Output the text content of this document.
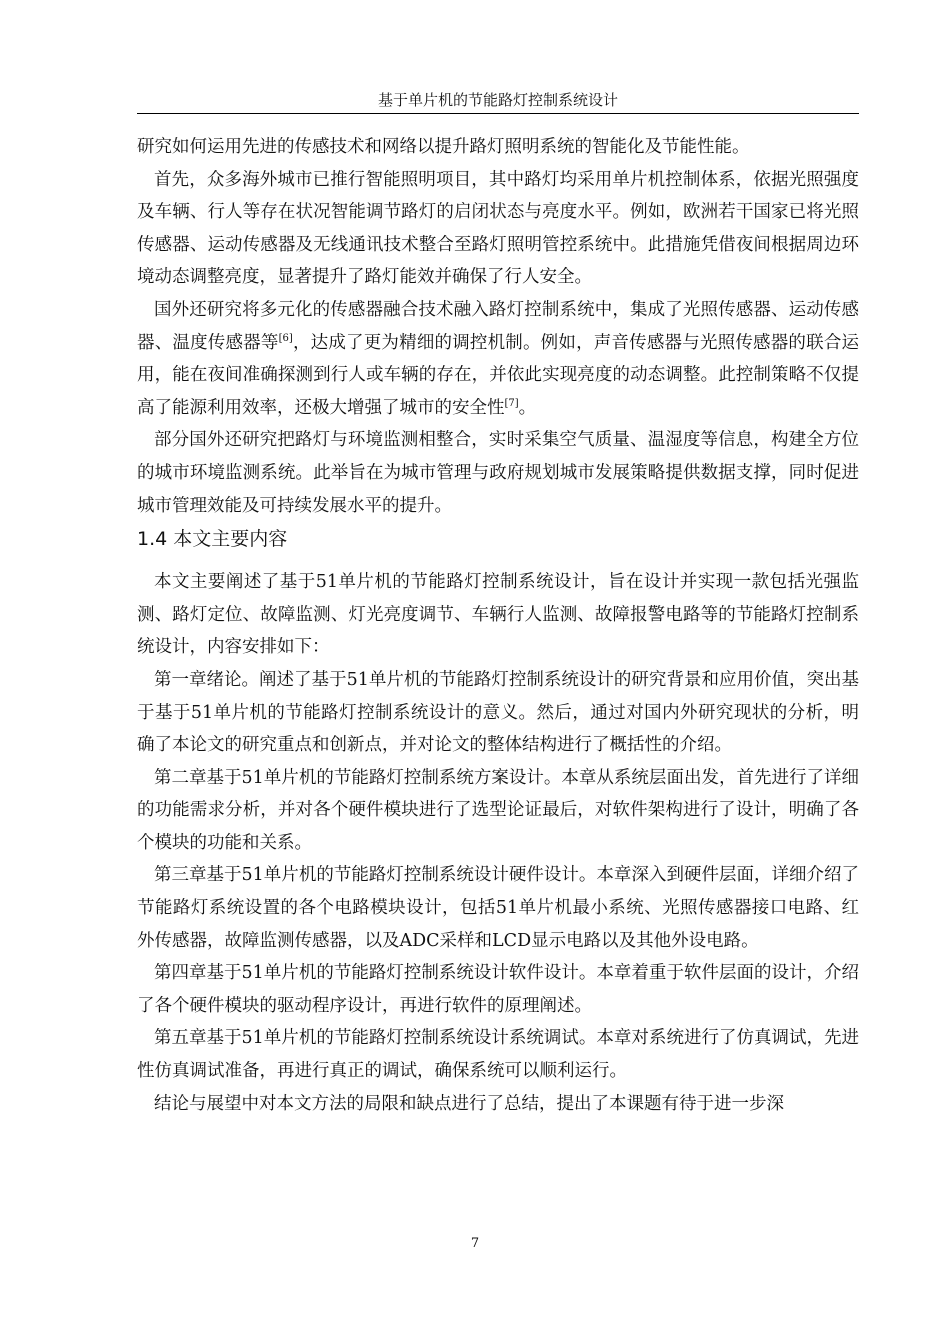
基于单片机的节能路灯控制系统设计

研究如何运用先进的传感技术和网络以提升路灯照明系统的智能化及节能性能。

首先，众多海外城市已推行智能照明项目，其中路灯均采用单片机控制体系，依据光照强度及车辆、行人等存在状况智能调节路灯的启闭状态与亮度水平。例如，欧洲若干国家已将光照传感器、运动传感器及无线通讯技术整合至路灯照明管控系统中。此措施凭借夜间根据周边环境动态调整亮度，显著提升了路灯能效并确保了行人安全。

国外还研究将多元化的传感器融合技术融入路灯控制系统中，集成了光照传感器、运动传感器、温度传感器等[6]，达成了更为精细的调控机制。例如，声音传感器与光照传感器的联合运用，能在夜间准确探测到行人或车辆的存在，并依此实现亮度的动态调整。此控制策略不仅提高了能源利用效率，还极大增强了城市的安全性[7]。

部分国外还研究把路灯与环境监测相整合，实时采集空气质量、温湿度等信息，构建全方位的城市环境监测系统。此举旨在为城市管理与政府规划城市发展策略提供数据支撑，同时促进城市管理效能及可持续发展水平的提升。

1.4 本文主要内容

本文主要阐述了基于51单片机的节能路灯控制系统设计，旨在设计并实现一款包括光强监测、路灯定位、故障监测、灯光亮度调节、车辆行人监测、故障报警电路等的节能路灯控制系统设计，内容安排如下：

第一章绪论。阐述了基于51单片机的节能路灯控制系统设计的研究背景和应用价值，突出基于基于51单片机的节能路灯控制系统设计的意义。然后，通过对国内外研究现状的分析，明确了本论文的研究重点和创新点，并对论文的整体结构进行了概括性的介绍。

第二章基于51单片机的节能路灯控制系统方案设计。本章从系统层面出发，首先进行了详细的功能需求分析，并对各个硬件模块进行了选型论证最后，对软件架构进行了设计，明确了各个模块的功能和关系。

第三章基于51单片机的节能路灯控制系统设计硬件设计。本章深入到硬件层面，详细介绍了节能路灯系统设置的各个电路模块设计，包括51单片机最小系统、光照传感器接口电路、红外传感器，故障监测传感器，以及ADC采样和LCD显示电路以及其他外设电路。

第四章基于51单片机的节能路灯控制系统设计软件设计。本章着重于软件层面的设计，介绍了各个硬件模块的驱动程序设计，再进行软件的原理阐述。

第五章基于51单片机的节能路灯控制系统设计系统调试。本章对系统进行了仿真调试，先进性仿真调试准备，再进行真正的调试，确保系统可以顺利运行。

结论与展望中对本文方法的局限和缺点进行了总结，提出了本课题有待于进一步深

7
